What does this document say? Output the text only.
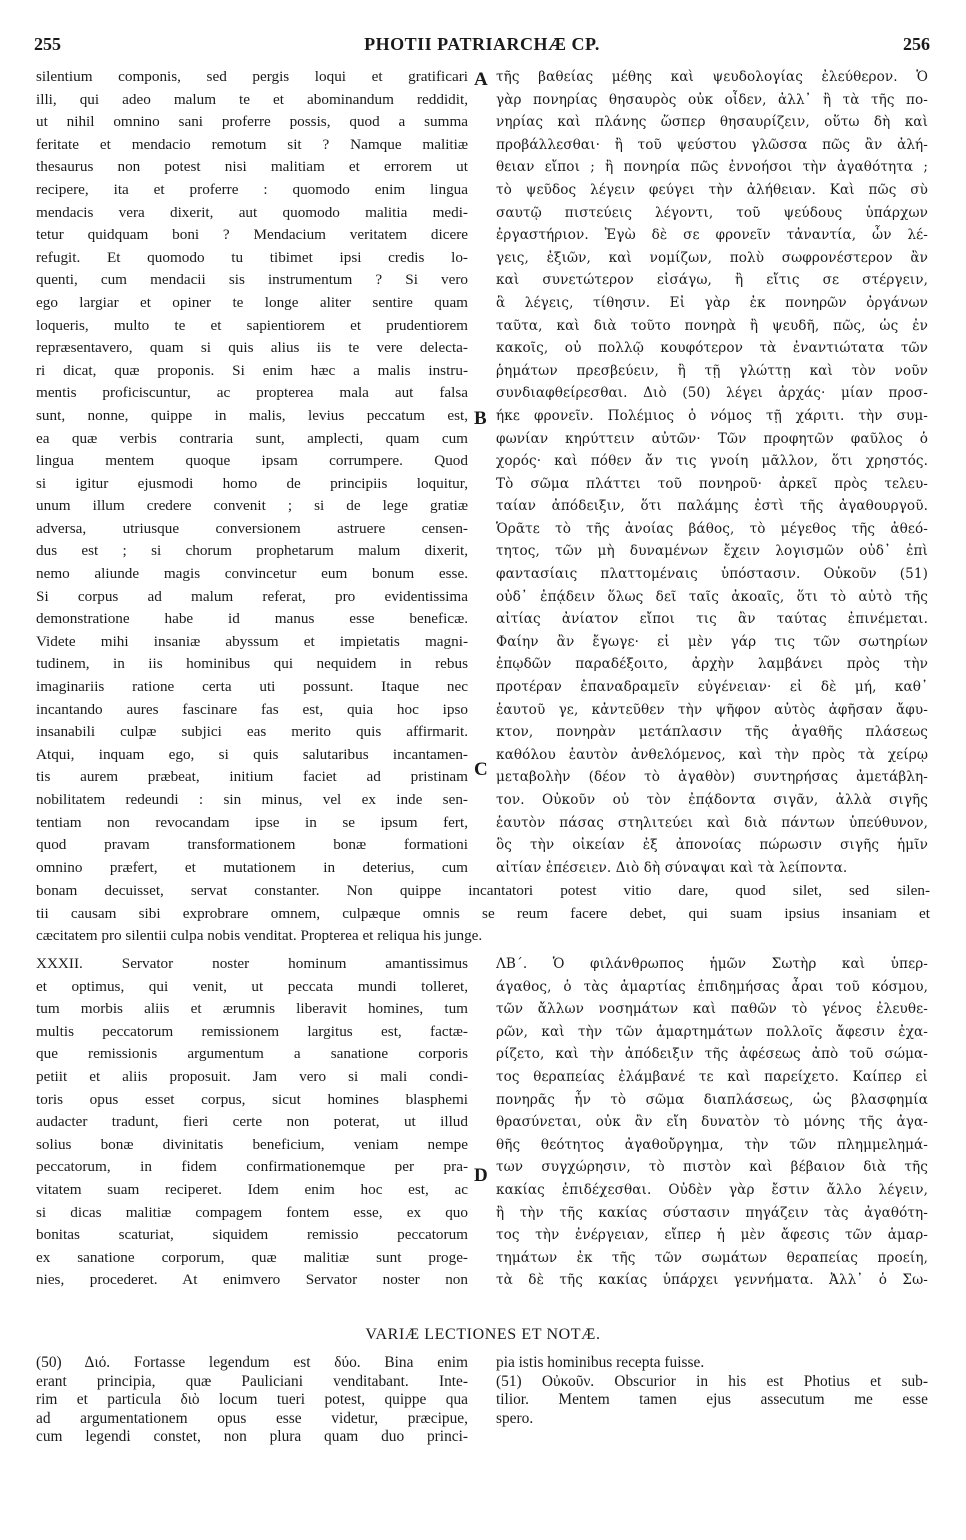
255	PHOTII PATRIARCHÆ CP.	256
silentium componis, sed pergis loqui et gratificari
illi, qui adeo malum te et abominandum reddidit,
ut nihil omnino sani proferre possis, quod a summa
feritate et mendacio remotum sit ? Namque malitiæ
thesaurus non potest nisi malitiam et errorem ut
recipere, ita et proferre : quomodo enim lingua
mendacis vera dixerit, aut quomodo malitia medi-
tetur quidquam boni ? Mendacium veritatem dicere
refugit. Et quomodo tu tibimet ipsi credis lo-
quenti, cum mendacii sis instrumentum ? Si vero
ego largiar et opiner te longe aliter sentire quam
loqueris, multo te et sapientiorem et prudentiorem
repræsentavero, quam si quis alius iis te vere delecta-
ri dicat, quæ proponis. Si enim hæc a malis instru-
mentis proficiscuntur, ac propterea mala aut falsa
sunt, nonne, quippe in malis, levius peccatum est,
ea quæ verbis contraria sunt, amplecti, quam cum
lingua mentem quoque ipsam corrumpere. Quod
si igitur ejusmodi homo de principiis loquitur,
unum illum credere convenit ; si de lege gratiæ
adversa, utriusque conversionem astruere censen-
dus est ; si chorum prophetarum malum dixerit,
nemo aliunde magis convincetur eum bonum esse.
Si corpus ad malum referat, pro evidentissima
demonstratione habe id manus esse beneficæ.
Videte mihi insaniæ abyssum et impietatis magni-
tudinem, in iis hominibus qui nequidem in rebus
imaginariis ratione certa uti possunt. Itaque nec
incantando aures fascinare fas est, quia hoc ipso
insanabili culpæ subjici eas merito quis affirmarit.
Atqui, inquam ego, si quis salutaribus incantamen-
tis aurem præbeat, initium faciet ad pristinam
nobilitatem redeundi : sin minus, vel ex inde sen-
tentiam non revocandam ipse in se ipsum fert,
quod pravam transformationem bonæ formationi
omnino præfert, et mutationem in deterius, cum
τῆς βαθείας μέθης καὶ ψευδολογίας ἐλεύθερον. Ὁ
γὰρ πονηρίας θησαυρὸς οὐκ οἶδεν, ἀλλ᾽ ἢ τὰ τῆς πο-
νηρίας καὶ πλάνης ὥσπερ θησαυρίζειν, οὕτω δὴ καὶ
προβάλλεσθαι· ἢ τοῦ ψεύστου γλῶσσα πῶς ἂν ἀλή-
θειαν εἴποι ; ἢ πονηρία πῶς ἐννοήσοι τὴν ἀγαθότητα ;
τὸ ψεῦδος λέγειν φεύγει τὴν ἀλήθειαν. Καὶ πῶς σὺ
σαυτῷ πιστεύεις λέγοντι, τοῦ ψεύδους ὑπάρχων
ἐργαστήριον. Ἐγὼ δὲ σε φρονεῖν τἀναντία, ὧν λέ-
γεις, ἐξιῶν, καὶ νομίζων, πολὺ σωφρονέστερον ἂν
καὶ συνετώτερον εἰσάγω, ἢ εἴτις σε στέργειν,
ἃ λέγεις, τίθησιν. Εἰ γὰρ ἐκ πονηρῶν ὀργάνων
ταῦτα, καὶ διὰ τοῦτο πονηρὰ ἢ ψευδῆ, πῶς, ὡς ἐν
κακοῖς, οὐ πολλῷ κουφότερον τὰ ἐναντιώτατα τῶν
ῥημάτων πρεσβεύειν, ἢ τῇ γλώττῃ καὶ τὸν νοῦν
συνδιαφθείρεσθαι. Διὸ (50) λέγει ἀρχάς· μίαν προσ-
ήκε φρονεῖν. Πολέμιος ὁ νόμος τῇ χάριτι. τὴν συμ-
φωνίαν κηρύττειν αὐτῶν· Τῶν προφητῶν φαῦλος ὁ
χορός· καὶ πόθεν ἄν τις γνοίη μᾶλλον, ὅτι χρηστός.
Τὸ σῶμα πλάττει τοῦ πονηροῦ· ἀρκεῖ πρὸς τελευ-
ταίαν ἀπόδειξιν, ὅτι παλάμης ἐστὶ τῆς ἀγαθουργοῦ.
Ὁρᾶτε τὸ τῆς ἀνοίας βάθος, τὸ μέγεθος τῆς ἀθεό-
τητος, τῶν μὴ δυναμένων ἔχειν λογισμῶν οὐδ᾽ ἐπὶ
φαντασίαις πλαττομέναις ὑπόστασιν. Οὐκοῦν (51)
οὐδ᾽ ἐπᾴδειν ὅλως δεῖ ταῖς ἀκοαῖς, ὅτι τὸ αὐτὸ τῆς
αἰτίας ἀνίατον εἴποι τις ἂν ταύτας ἐπινέμεται.
Φαίην ἂν ἔγωγε· εἰ μὲν γάρ τις τῶν σωτηρίων
ἐπῳδῶν παραδέξοιτο, ἀρχὴν λαμβάνει πρὸς τὴν
προτέραν ἐπαναδραμεῖν εὐγένειαν· εἰ δὲ μή, καθ᾽
ἑαυτοῦ γε, κἀντεῦθεν τὴν ψῆφον αὐτὸς ἀφῆσαν ἄφυ-
κτον, πονηρὰν μετάπλασιν τῆς ἀγαθῆς πλάσεως
καθόλου ἑαυτὸν ἀνθελόμενος, καὶ τὴν πρὸς τὰ χείρῳ
μεταβολὴν (δέον τὸ ἀγαθὸν) συντηρήσας ἀμετάβλη-
τον. Οὐκοῦν οὐ τὸν ἐπᾴδοντα σιγᾶν, ἀλλὰ σιγῆς
ἑαυτὸν πάσας στηλιτεύει καὶ διὰ πάντων ὑπεύθυνον,
ὃς τὴν οἰκείαν ἐξ ἀπονοίας πώρωσιν σιγῆς ἡμῖν
αἰτίαν ἐπέσειεν. Διὸ δὴ σύναψαι καὶ τὰ λείποντα.
A
B
C
D
bonam decuisset, servat constanter. Non quippe incantatori potest vitio dare, quod silet, sed silen-
tii causam sibi exprobrare omnem, culpæque omnis se reum facere debet, qui suam ipsius insaniam et
cæcitatem pro silentii culpa nobis venditat. Propterea et reliqua his junge.
XXXII. Servator noster hominum amantissimus
et optimus, qui venit, ut peccata mundi tolleret,
tum morbis aliis et ærumnis liberavit homines, tum
multis peccatorum remissionem largitus est, factæ-
que remissionis argumentum a sanatione corporis
petiit et aliis proposuit. Jam vero si mali condi-
toris opus esset corpus, sicut homines blasphemi
audacter tradunt, fieri certe non poterat, ut illud
solius bonæ divinitatis beneficium, veniam nempe
peccatorum, in fidem confirmationemque per pra-
vitatem suam reciperet. Idem enim hoc est, ac
si dicas malitiæ compagem fontem esse, ex quo
bonitas scaturiat, siquidem remissio peccatorum
ex sanatione corporum, quæ malitiæ sunt proge-
nies, procederet. At enimvero Servator noster non
ΛΒ΄. Ὁ φιλάνθρωπος ἡμῶν Σωτὴρ καὶ ὑπερ-
άγαθος, ὁ τὰς ἁμαρτίας ἐπιδημήσας ἆραι τοῦ κόσμου,
τῶν ἄλλων νοσημάτων καὶ παθῶν τὸ γένος ἐλευθε-
ρῶν, καὶ τὴν τῶν ἁμαρτημάτων πολλοῖς ἄφεσιν ἐχα-
ρίζετο, καὶ τὴν ἀπόδειξιν τῆς ἀφέσεως ἀπὸ τοῦ σώμα-
τος θεραπείας ἐλάμβανέ τε καὶ παρείχετο. Καίπερ εἰ
πονηρᾶς ἦν τὸ σῶμα διαπλάσεως, ὡς βλασφημία
θρασύνεται, οὐκ ἂν εἴη δυνατὸν τὸ μόνης τῆς ἀγα-
θῆς θεότητος ἀγαθοὔργημα, τὴν τῶν πλημμελημά-
των συγχώρησιν, τὸ πιστὸν καὶ βέβαιον διὰ τῆς
κακίας ἐπιδέχεσθαι. Οὐδὲν γὰρ ἔστιν ἄλλο λέγειν,
ἢ τὴν τῆς κακίας σύστασιν πηγάζειν τὰς ἀγαθότη-
τος τὴν ἐνέργειαν, εἴπερ ἡ μὲν ἄφεσις τῶν ἁμαρ-
τημάτων ἐκ τῆς τῶν σωμάτων θεραπείας προείη,
τὰ δὲ τῆς κακίας ὑπάρχει γεννήματα. Ἀλλ᾽ ὁ Σω-
VARIÆ LECTIONES ET NOTÆ.
(50) Διό. Fortasse legendum est δύο. Bina enim
erant principia, quæ Pauliciani venditabant. Inte-
rim et particula διὸ locum tueri potest, quippe qua
ad argumentationem opus esse videtur, præcipue,
cum legendi constet, non plura quam duo princi-
pia istis hominibus recepta fuisse.
(51) Οὐκοῦν. Obscurior in his est Photius et sub-
tilior. Mentem tamen ejus assecutum me esse
spero.
